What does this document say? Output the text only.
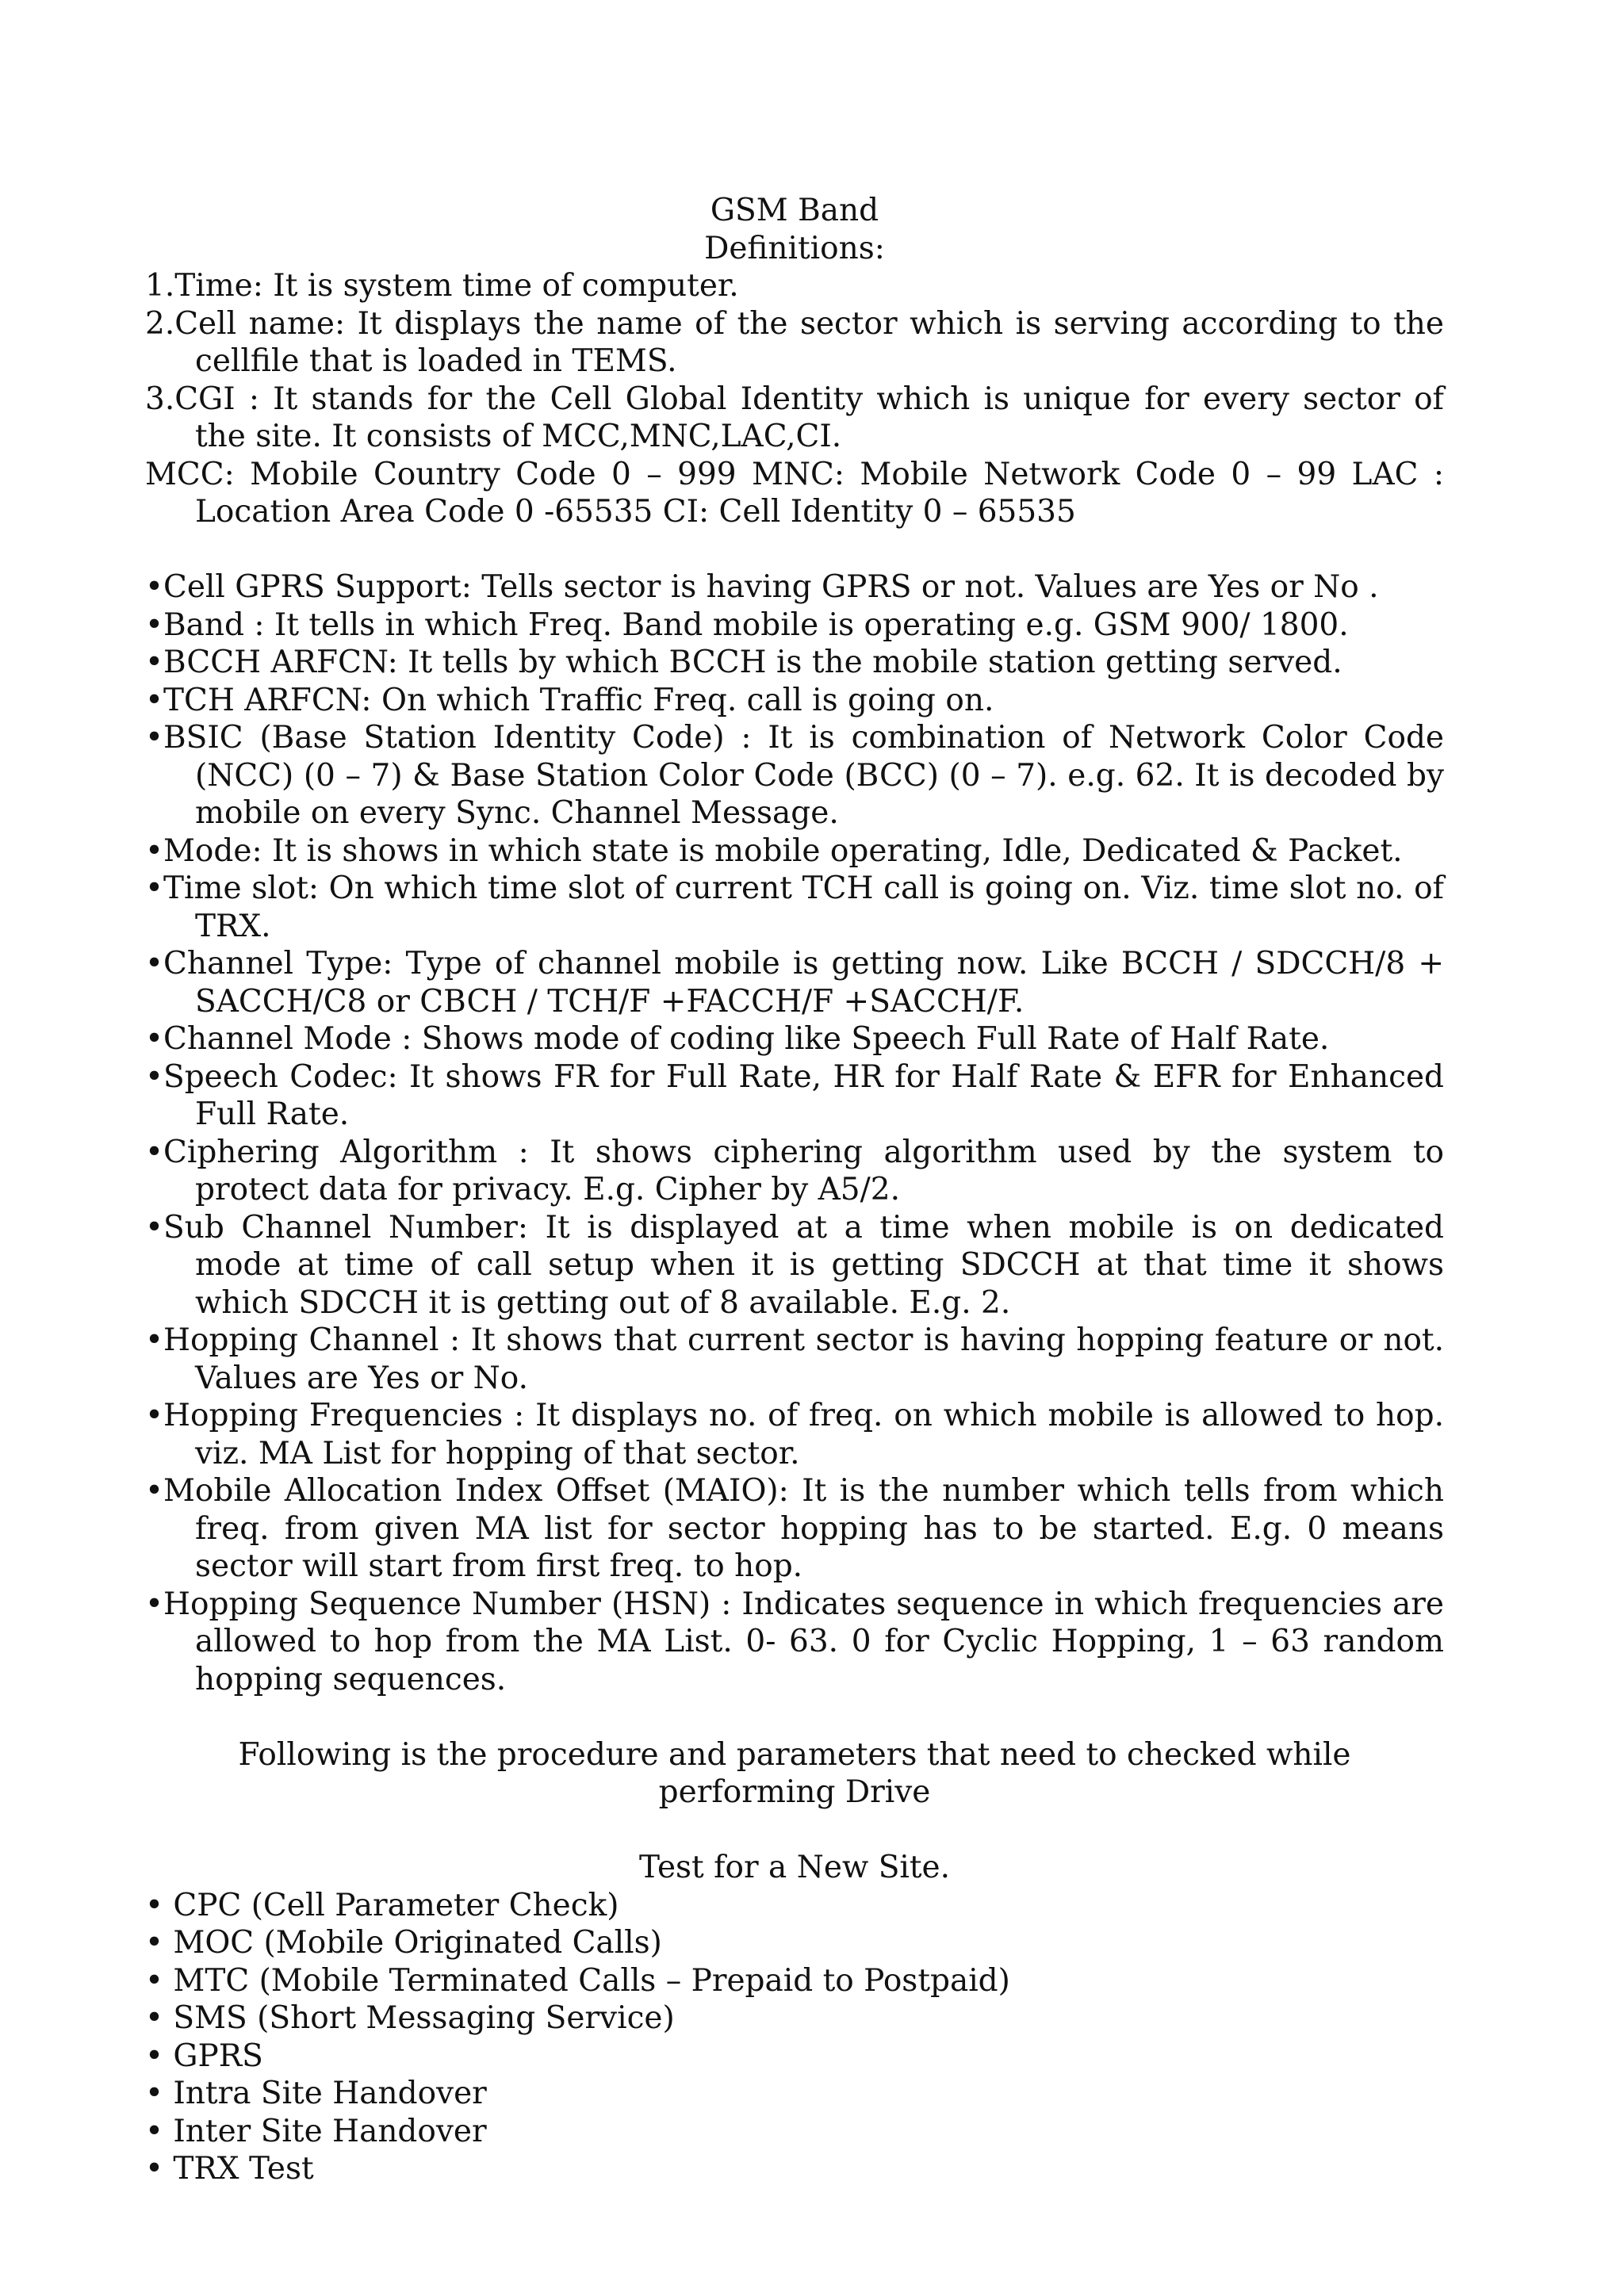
GSM Band

Definitions:

1.Time: It is system time of computer.

2.Cell name: It displays the name of the sector which is serving according to the cellfile that is loaded in TEMS.

3.CGI : It stands for the Cell Global Identity which is unique for every sector of the site. It consists of MCC,MNC,LAC,CI.

MCC: Mobile Country Code 0 – 999 MNC: Mobile Network Code 0 – 99 LAC : Location Area Code 0 -65535 CI: Cell Identity 0 – 65535

•Cell GPRS Support: Tells sector is having GPRS or not. Values are Yes or No .

•Band : It tells in which Freq. Band mobile is operating e.g. GSM 900/ 1800.

•BCCH ARFCN: It tells by which BCCH is the mobile station getting served.

•TCH ARFCN: On which Traffic Freq. call is going on.

•BSIC (Base Station Identity Code) : It is combination of Network Color Code (NCC) (0 – 7) & Base Station Color Code (BCC) (0 – 7). e.g. 62. It is decoded by mobile on every Sync. Channel Message.

•Mode: It is shows in which state is mobile operating, Idle, Dedicated & Packet.

•Time slot: On which time slot of current TCH call is going on. Viz. time slot no. of TRX.

•Channel Type: Type of channel mobile is getting now. Like BCCH / SDCCH/8 + SACCH/C8 or CBCH / TCH/F +FACCH/F +SACCH/F.

•Channel Mode : Shows mode of coding like Speech Full Rate of Half Rate.

•Speech Codec: It shows FR for Full Rate, HR for Half Rate & EFR for Enhanced Full Rate.

•Ciphering Algorithm : It shows ciphering algorithm used by the system to protect data for privacy. E.g. Cipher by A5/2.

•Sub Channel Number: It is displayed at a time when mobile is on dedicated mode at time of call setup when it is getting SDCCH at that time it shows which SDCCH it is getting out of 8 available. E.g. 2.

•Hopping Channel : It shows that current sector is having hopping feature or not. Values are Yes or No.

•Hopping Frequencies : It displays no. of freq. on which mobile is allowed to hop. viz. MA List for hopping of that sector.

•Mobile Allocation Index Offset (MAIO): It is the number which tells from which freq. from given MA list for sector hopping has to be started. E.g. 0 means sector will start from first freq. to hop.

•Hopping Sequence Number (HSN) : Indicates sequence in which frequencies are allowed to hop from the MA List. 0- 63. 0 for Cyclic Hopping, 1 – 63 random hopping sequences.

Following is the procedure and parameters that need to checked while performing Drive

Test for a New Site.

• CPC (Cell Parameter Check)
• MOC (Mobile Originated Calls)
• MTC (Mobile Terminated Calls – Prepaid to Postpaid)
• SMS (Short Messaging Service)
• GPRS
• Intra Site Handover
• Inter Site Handover
• TRX Test
